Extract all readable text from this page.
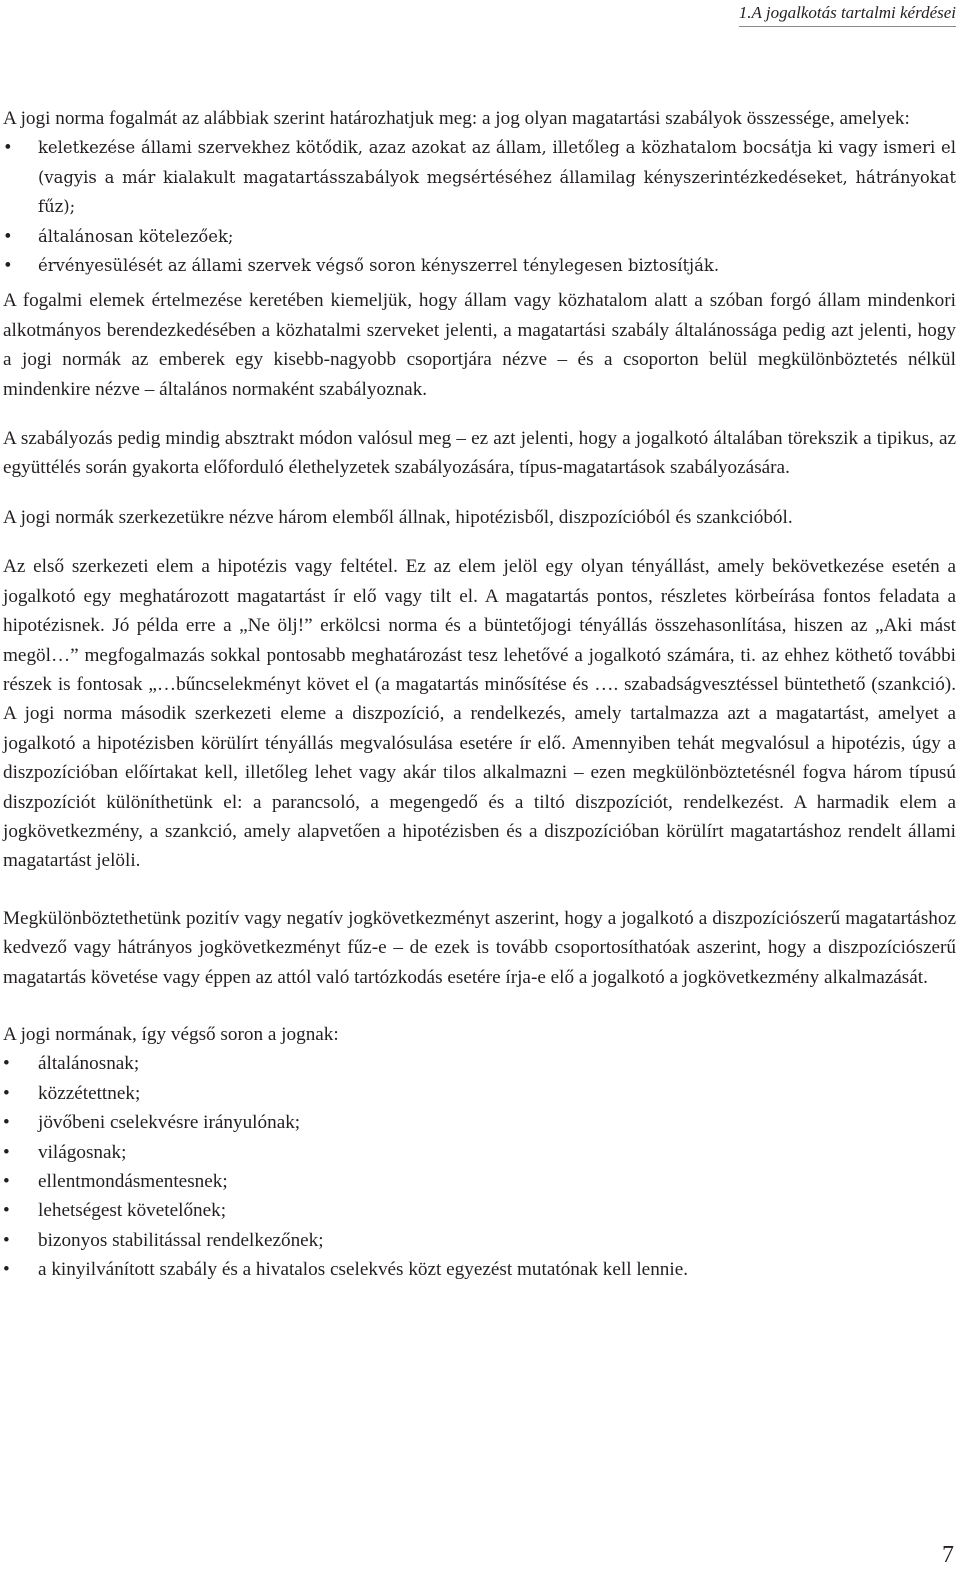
1.A jogalkotás tartalmi kérdései

A jogi norma fogalmát az alábbiak szerint határozhatjuk meg: a jog olyan magatartási szabályok összessége, amelyek:

• keletkezése állami szervekhez kötődik, azaz azokat az állam, illetőleg a közhatalom bocsátja ki vagy ismeri el (vagyis a már kialakult magatartásszabályok megsértéséhez államilag kényszerintézkedéseket, hátrányokat fűz);
• általánosan kötelezőek;
• érvényesülését az állami szervek végső soron kényszerrel ténylegesen biztosítják.

A fogalmi elemek értelmezése keretében kiemeljük, hogy állam vagy közhatalom alatt a szóban forgó állam mindenkori alkotmányos berendezkedésében a közhatalmi szerveket jelenti, a magatartási szabály általánossága pedig azt jelenti, hogy a jogi normák az emberek egy kisebb-nagyobb csoportjára nézve – és a csoporton belül megkülönböztetés nélkül mindenkire nézve – általános normaként szabályoznak.

A szabályozás pedig mindig absztrakt módon valósul meg – ez azt jelenti, hogy a jogalkotó általában törekszik a tipikus, az együttélés során gyakorta előforduló élethelyzetek szabályozására, típus-magatartások szabályozására.

A jogi normák szerkezetükre nézve három elemből állnak, hipotézisből, diszpozícióból és szankcióból.

Az első szerkezeti elem a hipotézis vagy feltétel. Ez az elem jelöl egy olyan tényállást, amely bekövetkezése esetén a jogalkotó egy meghatározott magatartást ír elő vagy tilt el. A magatartás pontos, részletes körbeírása fontos feladata a hipotézisnek. Jó példa erre a „Ne ölj!” erkölcsi norma és a büntetőjogi tényállás összehasonlítása, hiszen az „Aki mást megöl…” megfogalmazás sokkal pontosabb meghatározást tesz lehetővé a jogalkotó számára, ti. az ehhez köthető további részek is fontosak „…bűncselekményt követ el (a magatartás minősítése és …. szabadságvesztéssel büntethető (szankció). A jogi norma második szerkezeti eleme a diszpozíció, a rendelkezés, amely tartalmazza azt a magatartást, amelyet a jogalkotó a hipotézisben körülírt tényállás megvalósulása esetére ír elő. Amennyiben tehát megvalósul a hipotézis, úgy a diszpozícióban előírtakat kell, illetőleg lehet vagy akár tilos alkalmazni – ezen megkülönböztetésnél fogva három típusú diszpozíciót különíthetünk el: a parancsoló, a megengedő és a tiltó diszpozíciót, rendelkezést. A harmadik elem a jogkövetkezmény, a szankció, amely alapvetően a hipotézisben és a diszpozícióban körülírt magatartáshoz rendelt állami magatartást jelöli.

Megkülönböztethetünk pozitív vagy negatív jogkövetkezményt aszerint, hogy a jogalkotó a diszpozíciószerű magatartáshoz kedvező vagy hátrányos jogkövetkezményt fűz-e – de ezek is tovább csoportosíthatóak aszerint, hogy a diszpozíciószerű magatartás követése vagy éppen az attól való tartózkodás esetére írja-e elő a jogalkotó a jogkövetkezmény alkalmazását.

A jogi normának, így végső soron a jognak:

• általánosnak;
• közzétettnek;
• jövőbeni cselekvésre irányulónak;
• világosnak;
• ellentmondásmentesnek;
• lehetségest követelőnek;
• bizonyos stabilitással rendelkezőnek;
• a kinyilvánított szabály és a hivatalos cselekvés közt egyezést mutatónak kell lennie.
7
